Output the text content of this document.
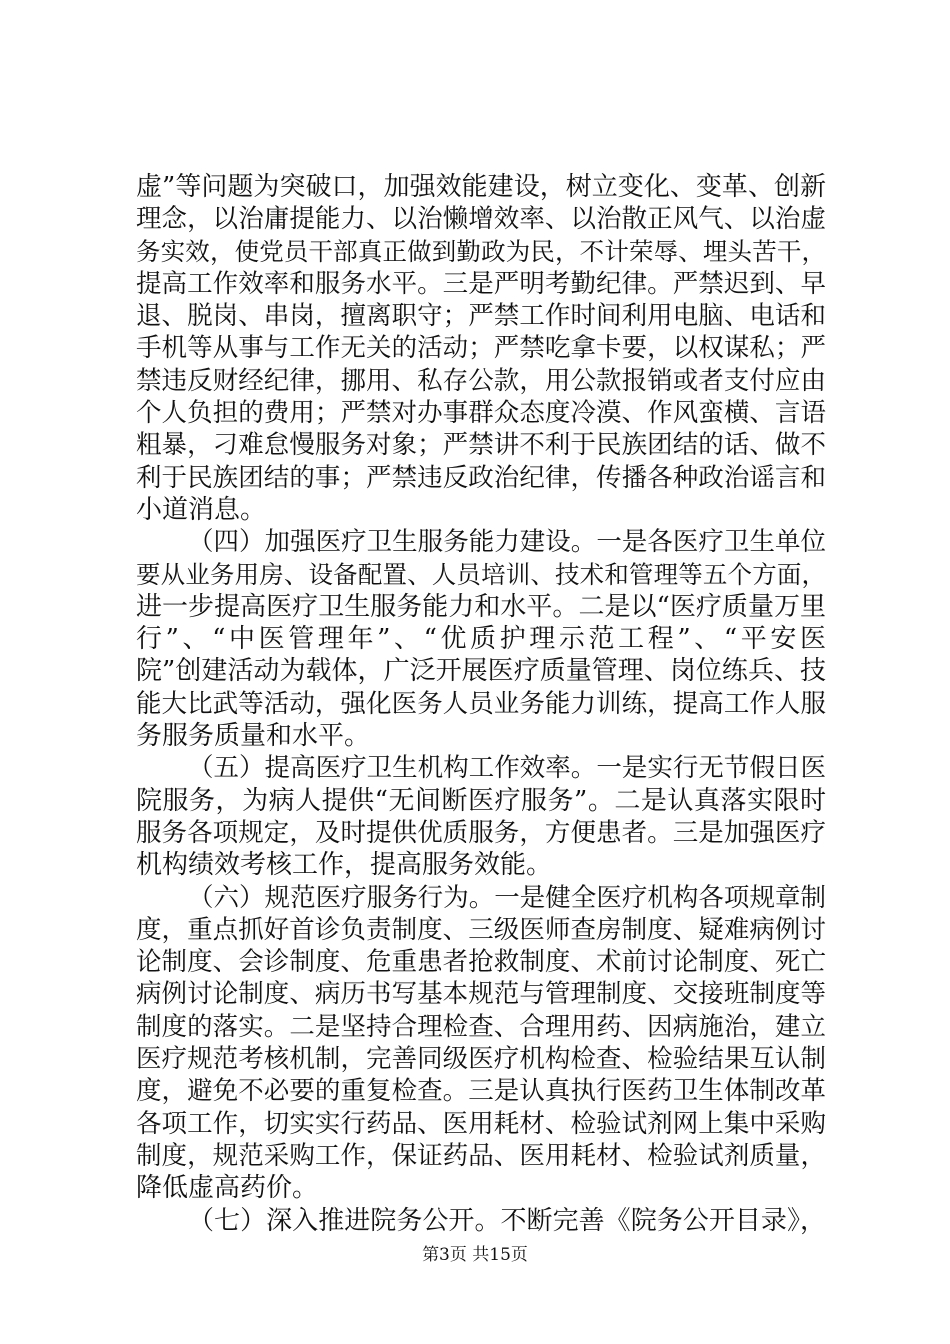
虚”等问题为突破口，加强效能建设，树立变化、变革、创新
理念，以治庸提能力、以治懒增效率、以治散正风气、以治虚
务实效，使党员干部真正做到勤政为民，不计荣辱、埋头苦干，
提高工作效率和服务水平。三是严明考勤纪律。严禁迟到、早
退、脱岗、串岗，擅离职守；严禁工作时间利用电脑、电话和
手机等从事与工作无关的活动；严禁吃拿卡要，以权谋私；严
禁违反财经纪律，挪用、私存公款，用公款报销或者支付应由
个人负担的费用；严禁对办事群众态度冷漠、作风蛮横、言语
粗暴，刁难怠慢服务对象；严禁讲不利于民族团结的话、做不
利于民族团结的事；严禁违反政治纪律，传播各种政治谣言和
小道消息。
（四）加强医疗卫生服务能力建设。一是各医疗卫生单位
要从业务用房、设备配置、人员培训、技术和管理等五个方面，
进一步提高医疗卫生服务能力和水平。二是以“医疗质量万里
行”、“中医管理年”、“优质护理示范工程”、“平安医
院”创建活动为载体，广泛开展医疗质量管理、岗位练兵、技
能大比武等活动，强化医务人员业务能力训练，提高工作人服
务服务质量和水平。
（五）提高医疗卫生机构工作效率。一是实行无节假日医
院服务，为病人提供“无间断医疗服务”。二是认真落实限时
服务各项规定，及时提供优质服务，方便患者。三是加强医疗
机构绩效考核工作，提高服务效能。
（六）规范医疗服务行为。一是健全医疗机构各项规章制
度，重点抓好首诊负责制度、三级医师查房制度、疑难病例讨
论制度、会诊制度、危重患者抢救制度、术前讨论制度、死亡
病例讨论制度、病历书写基本规范与管理制度、交接班制度等
制度的落实。二是坚持合理检查、合理用药、因病施治，建立
医疗规范考核机制，完善同级医疗机构检查、检验结果互认制
度，避免不必要的重复检查。三是认真执行医药卫生体制改革
各项工作，切实实行药品、医用耗材、检验试剂网上集中采购
制度，规范采购工作，保证药品、医用耗材、检验试剂质量，
降低虚高药价。
（七）深入推进院务公开。不断完善《院务公开目录》，
第3页 共15页
